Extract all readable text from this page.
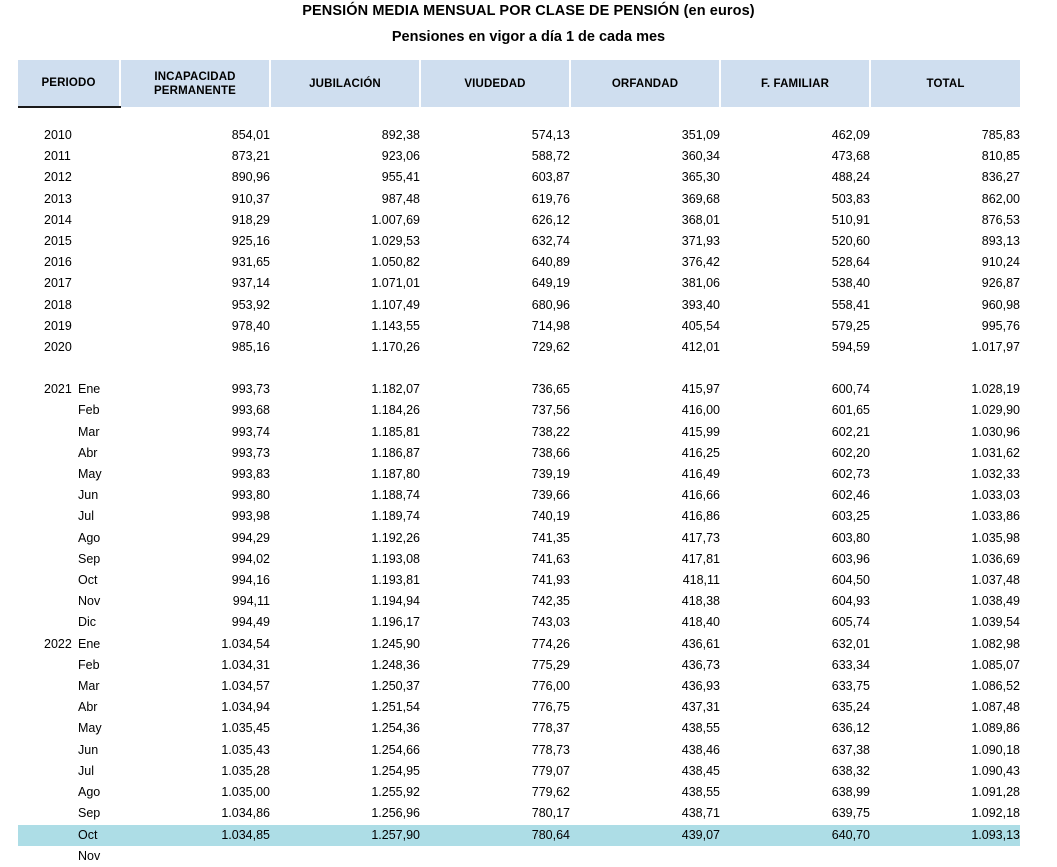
PENSIÓN MEDIA MENSUAL POR CLASE DE PENSIÓN (en euros)
Pensiones en vigor a día 1 de cada mes
PERIODO	INCAPACIDAD PERMANENTE	JUBILACIÓN	VIUDEDAD	ORFANDAD	F. FAMILIAR	TOTAL

2010	854,01	892,38	574,13	351,09	462,09	785,83

2011	873,21	923,06	588,72	360,34	473,68	810,85

2012	890,96	955,41	603,87	365,30	488,24	836,27

2013	910,37	987,48	619,76	369,68	503,83	862,00

2014	918,29	1.007,69	626,12	368,01	510,91	876,53

2015	925,16	1.029,53	632,74	371,93	520,60	893,13

2016	931,65	1.050,82	640,89	376,42	528,64	910,24

2017	937,14	1.071,01	649,19	381,06	538,40	926,87

2018	953,92	1.107,49	680,96	393,40	558,41	960,98

2019	978,40	1.143,55	714,98	405,54	579,25	995,76

2020	985,16	1.170,26	729,62	412,01	594,59	1.017,97

2021 Ene	993,73	1.182,07	736,65	415,97	600,74	1.028,19

Feb	993,68	1.184,26	737,56	416,00	601,65	1.029,90

Mar	993,74	1.185,81	738,22	415,99	602,21	1.030,96

Abr	993,73	1.186,87	738,66	416,25	602,20	1.031,62

May	993,83	1.187,80	739,19	416,49	602,73	1.032,33

Jun	993,80	1.188,74	739,66	416,66	602,46	1.033,03

Jul	993,98	1.189,74	740,19	416,86	603,25	1.033,86

Ago	994,29	1.192,26	741,35	417,73	603,80	1.035,98

Sep	994,02	1.193,08	741,63	417,81	603,96	1.036,69

Oct	994,16	1.193,81	741,93	418,11	604,50	1.037,48

Nov	994,11	1.194,94	742,35	418,38	604,93	1.038,49

Dic	994,49	1.196,17	743,03	418,40	605,74	1.039,54

2022 Ene	1.034,54	1.245,90	774,26	436,61	632,01	1.082,98

Feb	1.034,31	1.248,36	775,29	436,73	633,34	1.085,07

Mar	1.034,57	1.250,37	776,00	436,93	633,75	1.086,52

Abr	1.034,94	1.251,54	776,75	437,31	635,24	1.087,48

May	1.035,45	1.254,36	778,37	438,55	636,12	1.089,86

Jun	1.035,43	1.254,66	778,73	438,46	637,38	1.090,18

Jul	1.035,28	1.254,95	779,07	438,45	638,32	1.090,43

Ago	1.035,00	1.255,92	779,62	438,55	638,99	1.091,28

Sep	1.034,86	1.256,96	780,17	438,71	639,75	1.092,18

Oct	1.034,85	1.257,90	780,64	439,07	640,70	1.093,13

Nov						
